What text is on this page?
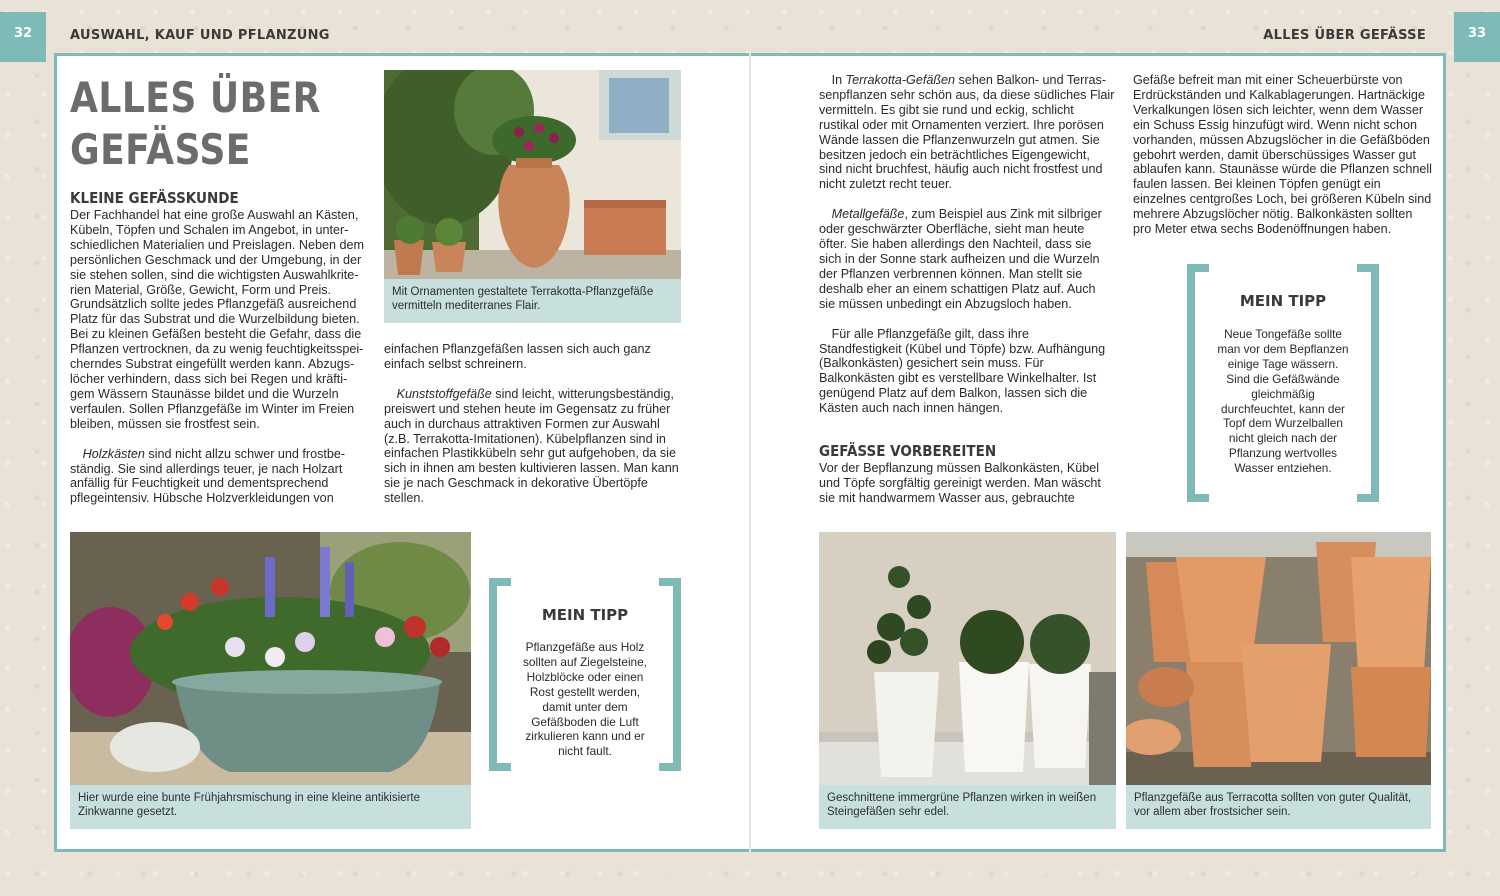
32	AUSWAHL, KAUF UND PFLANZUNG	ALLES ÜBER GEFÄSSE	33
ALLES ÜBER
GEFÄSSE
KLEINE GEFÄSSKUNDE

Der Fachhandel hat eine große Auswahl an Kästen, Kübeln, Töpfen und Schalen im Angebot, in unterschiedlichen Materialien und Preislagen. Neben dem persönlichen Geschmack und der Umgebung, in der sie stehen sollen, sind die wichtigsten Auswahlkriterien Material, Größe, Gewicht, Form und Preis. Grundsätzlich sollte jedes Pflanzgefäß ausreichend Platz für das Substrat und die Wurzelbildung bieten. Bei zu kleinen Gefäßen besteht die Gefahr, dass die Pflanzen vertrocknen, da zu wenig feuchtigkeitsspeicherndes Substrat eingefüllt werden kann. Abzugslöcher verhindern, dass sich bei Regen und kräftigem Wässern Staunässe bildet und die Wurzeln verfaulen. Sollen Pflanzgefäße im Winter im Freien bleiben, müssen sie frostfest sein.

 Holzkästen sind nicht allzu schwer und frostbeständig. Sie sind allerdings teuer, je nach Holzart anfällig für Feuchtigkeit und dementsprechend pflegeintensiv. Hübsche Holzverkleidungen von

Mit Ornamenten gestaltete Terrakotta-Pflanzgefäße vermitteln mediterranes Flair.

einfachen Pflanzgefäßen lassen sich auch ganz einfach selbst schreinern.

 Kunststoffgefäße sind leicht, witterungsbeständig, preiswert und stehen heute im Gegensatz zu früher auch in durchaus attraktiven Formen zur Auswahl (z.B. Terrakotta-Imitationen). Kübelpflanzen sind in einfachen Plastikkübeln sehr gut aufgehoben, da sie sich in ihnen am besten kultivieren lassen. Man kann sie je nach Geschmack in dekorative Übertöpfe stellen.

Hier wurde eine bunte Frühjahrsmischung in eine kleine antikisierte Zinkwanne gesetzt.
MEIN TIPP
Pflanzgefäße aus Holz sollten auf Ziegelsteine, Holzblöcke oder einen Rost gestellt werden, damit unter dem Gefäßboden die Luft zirkulieren kann und er nicht fault.

 In Terrakotta-Gefäßen sehen Balkon- und Terrassenpflanzen sehr schön aus, da diese südliches Flair vermitteln. Es gibt sie rund und eckig, schlicht rustikal oder mit Ornamenten verziert. Ihre porösen Wände lassen die Pflanzenwurzeln gut atmen. Sie besitzen jedoch ein beträchtliches Eigengewicht, sind nicht bruchfest, häufig auch nicht frostfest und nicht zuletzt recht teuer.

 Metallgefäße, zum Beispiel aus Zink mit silbriger oder geschwärzter Oberfläche, sieht man heute öfter. Sie haben allerdings den Nachteil, dass sie sich in der Sonne stark aufheizen und die Wurzeln der Pflanzen verbrennen können. Man stellt sie deshalb eher an einem schattigen Platz auf. Auch sie müssen unbedingt ein Abzugsloch haben.

 Für alle Pflanzgefäße gilt, dass ihre Standfestigkeit (Kübel und Töpfe) bzw. Aufhängung (Balkonkästen) gesichert sein muss. Für Balkonkästen gibt es verstellbare Winkelhalter. Ist genügend Platz auf dem Balkon, lassen sich die Kästen auch nach innen hängen.

GEFÄSSE VORBEREITEN

Vor der Bepflanzung müssen Balkonkästen, Kübel und Töpfe sorgfältig gereinigt werden. Man wäscht sie mit handwarmem Wasser aus, gebrauchte

Gefäße befreit man mit einer Scheuerbürste von Erdrückständen und Kalkablagerungen. Hartnäckige Verkalkungen lösen sich leichter, wenn dem Wasser ein Schuss Essig hinzufügt wird. Wenn nicht schon vorhanden, müssen Abzugslöcher in die Gefäßböden gebohrt werden, damit überschüssiges Wasser gut ablaufen kann. Staunässe würde die Pflanzen schnell faulen lassen. Bei kleinen Töpfen genügt ein einzelnes centgroßes Loch, bei größeren Kübeln sind mehrere Abzugslöcher nötig. Balkonkästen sollten pro Meter etwa sechs Bodenöffnungen haben.

MEIN TIPP
Neue Tongefäße sollte man vor dem Bepflanzen einige Tage wässern. Sind die Gefäßwände gleichmäßig durchfeuchtet, kann der Topf dem Wurzelballen nicht gleich nach der Pflanzung wertvolles Wasser entziehen.
Geschnittene immergrüne Pflanzen wirken in weißen Steingefäßen sehr edel.
Pflanzgefäße aus Terracotta sollten von guter Qualität, vor allem aber frostsicher sein.
